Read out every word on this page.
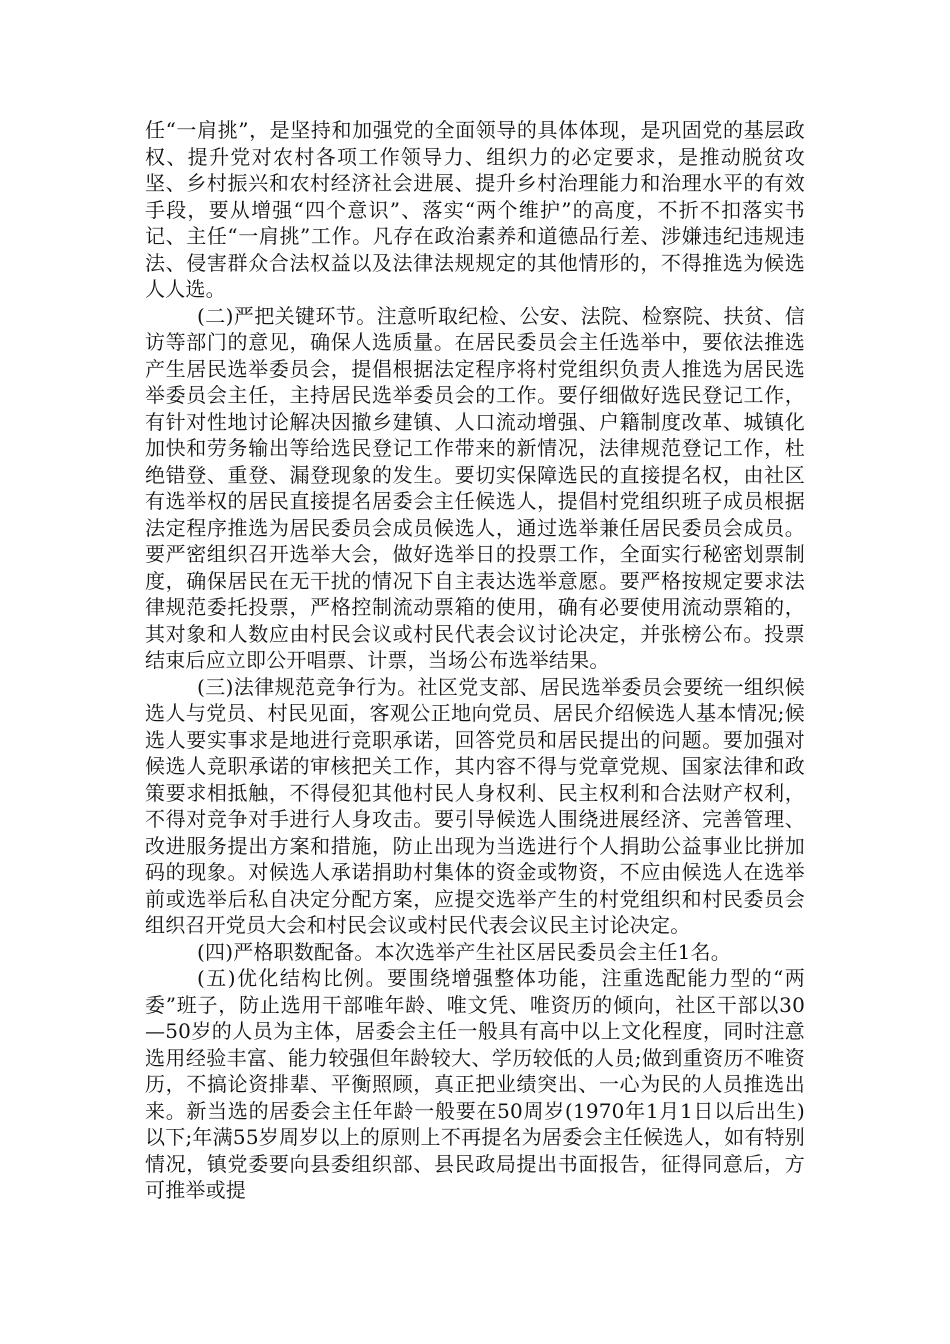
任“一肩挑”，是坚持和加强党的全面领导的具体体现，是巩固党的基层政权、提升党对农村各项工作领导力、组织力的必定要求，是推动脱贫攻坚、乡村振兴和农村经济社会进展、提升乡村治理能力和治理水平的有效手段，要从增强“四个意识”、落实“两个维护”的高度，不折不扣落实书记、主任“一肩挑”工作。凡存在政治素养和道德品行差、涉嫌违纪违规违法、侵害群众合法权益以及法律法规规定的其他情形的，不得推选为候选人人选。

(二)严把关键环节。注意听取纪检、公安、法院、检察院、扶贫、信访等部门的意见，确保人选质量。在居民委员会主任选举中，要依法推选产生居民选举委员会，提倡根据法定程序将村党组织负责人推选为居民选举委员会主任，主持居民选举委员会的工作。要仔细做好选民登记工作，有针对性地讨论解决因撤乡建镇、人口流动增强、户籍制度改革、城镇化加快和劳务输出等给选民登记工作带来的新情况，法律规范登记工作，杜绝错登、重登、漏登现象的发生。要切实保障选民的直接提名权，由社区有选举权的居民直接提名居委会主任候选人，提倡村党组织班子成员根据法定程序推选为居民委员会成员候选人，通过选举兼任居民委员会成员。要严密组织召开选举大会，做好选举日的投票工作，全面实行秘密划票制度，确保居民在无干扰的情况下自主表达选举意愿。要严格按规定要求法律规范委托投票，严格控制流动票箱的使用，确有必要使用流动票箱的，其对象和人数应由村民会议或村民代表会议讨论决定，并张榜公布。投票结束后应立即公开唱票、计票，当场公布选举结果。

(三)法律规范竞争行为。社区党支部、居民选举委员会要统一组织候选人与党员、村民见面，客观公正地向党员、居民介绍候选人基本情况;候选人要实事求是地进行竞职承诺，回答党员和居民提出的问题。要加强对候选人竞职承诺的审核把关工作，其内容不得与党章党规、国家法律和政策要求相抵触，不得侵犯其他村民人身权利、民主权利和合法财产权利，不得对竞争对手进行人身攻击。要引导候选人围绕进展经济、完善管理、改进服务提出方案和措施，防止出现为当选进行个人捐助公益事业比拼加码的现象。对候选人承诺捐助村集体的资金或物资，不应由候选人在选举前或选举后私自决定分配方案，应提交选举产生的村党组织和村民委员会组织召开党员大会和村民会议或村民代表会议民主讨论决定。

(四)严格职数配备。本次选举产生社区居民委员会主任1名。

(五)优化结构比例。要围绕增强整体功能，注重选配能力型的“两委”班子，防止选用干部唯年龄、唯文凭、唯资历的倾向，社区干部以30—50岁的人员为主体，居委会主任一般具有高中以上文化程度，同时注意选用经验丰富、能力较强但年龄较大、学历较低的人员;做到重资历不唯资历，不搞论资排辈、平衡照顾，真正把业绩突出、一心为民的人员推选出来。新当选的居委会主任年龄一般要在50周岁(1970年1月1日以后出生)以下;年满55岁周岁以上的原则上不再提名为居委会主任候选人，如有特别情况，镇党委要向县委组织部、县民政局提出书面报告，征得同意后，方可推举或提
